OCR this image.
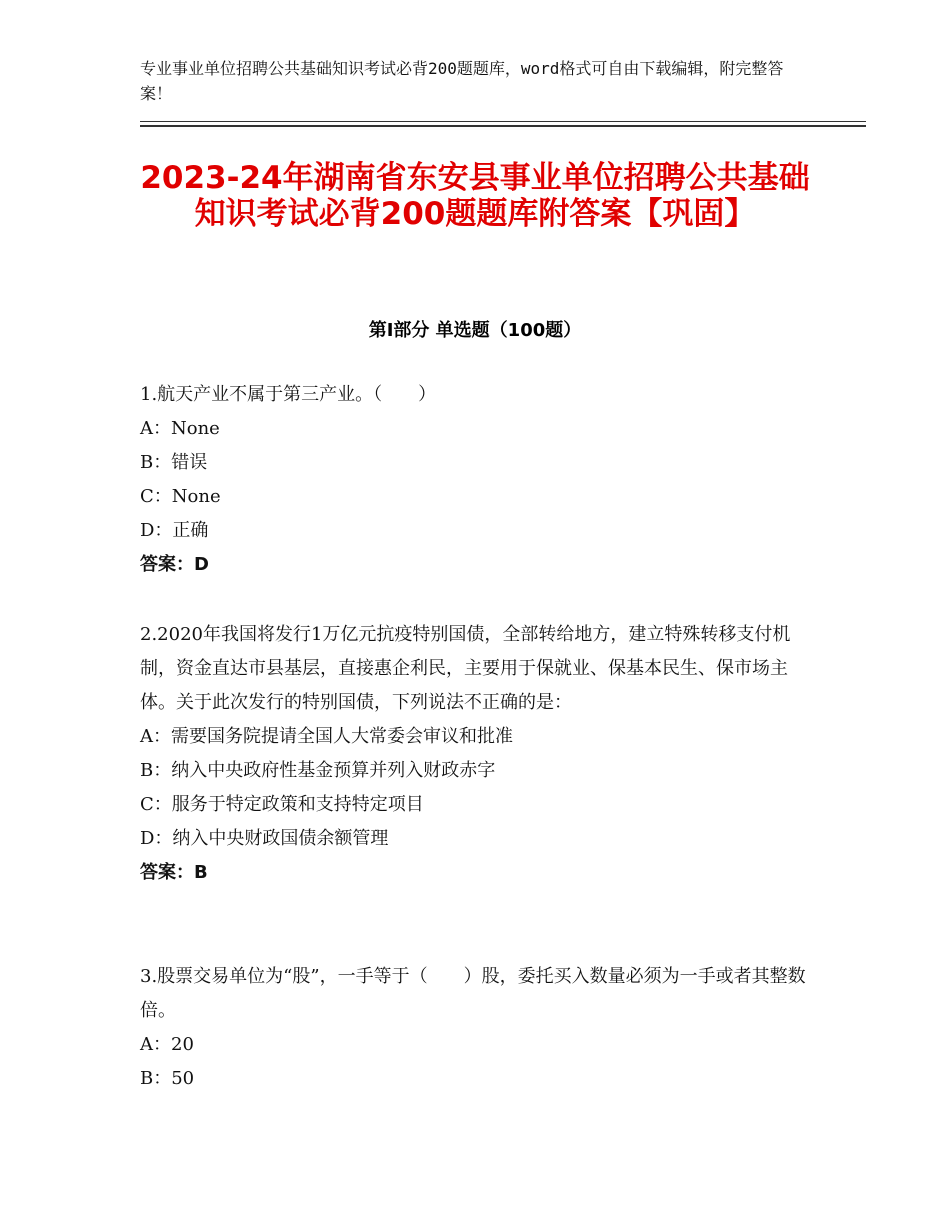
专业事业单位招聘公共基础知识考试必背200题题库，word格式可自由下载编辑，附完整答案！
2023-24年湖南省东安县事业单位招聘公共基础知识考试必背200题题库附答案【巩固】
第Ⅰ部分 单选题（100题）

1.航天产业不属于第三产业。（　　）

A：None

B：错误

C：None

D：正确

答案：D

2.2020年我国将发行1万亿元抗疫特别国债，全部转给地方，建立特殊转移支付机制，资金直达市县基层，直接惠企利民，主要用于保就业、保基本民生、保市场主体。关于此次发行的特别国债，下列说法不正确的是：

A：需要国务院提请全国人大常委会审议和批准

B：纳入中央政府性基金预算并列入财政赤字

C：服务于特定政策和支持特定项目

D：纳入中央财政国债余额管理

答案：B

3.股票交易单位为“股”，一手等于（　　）股，委托买入数量必须为一手或者其整数倍。

A：20

B：50
